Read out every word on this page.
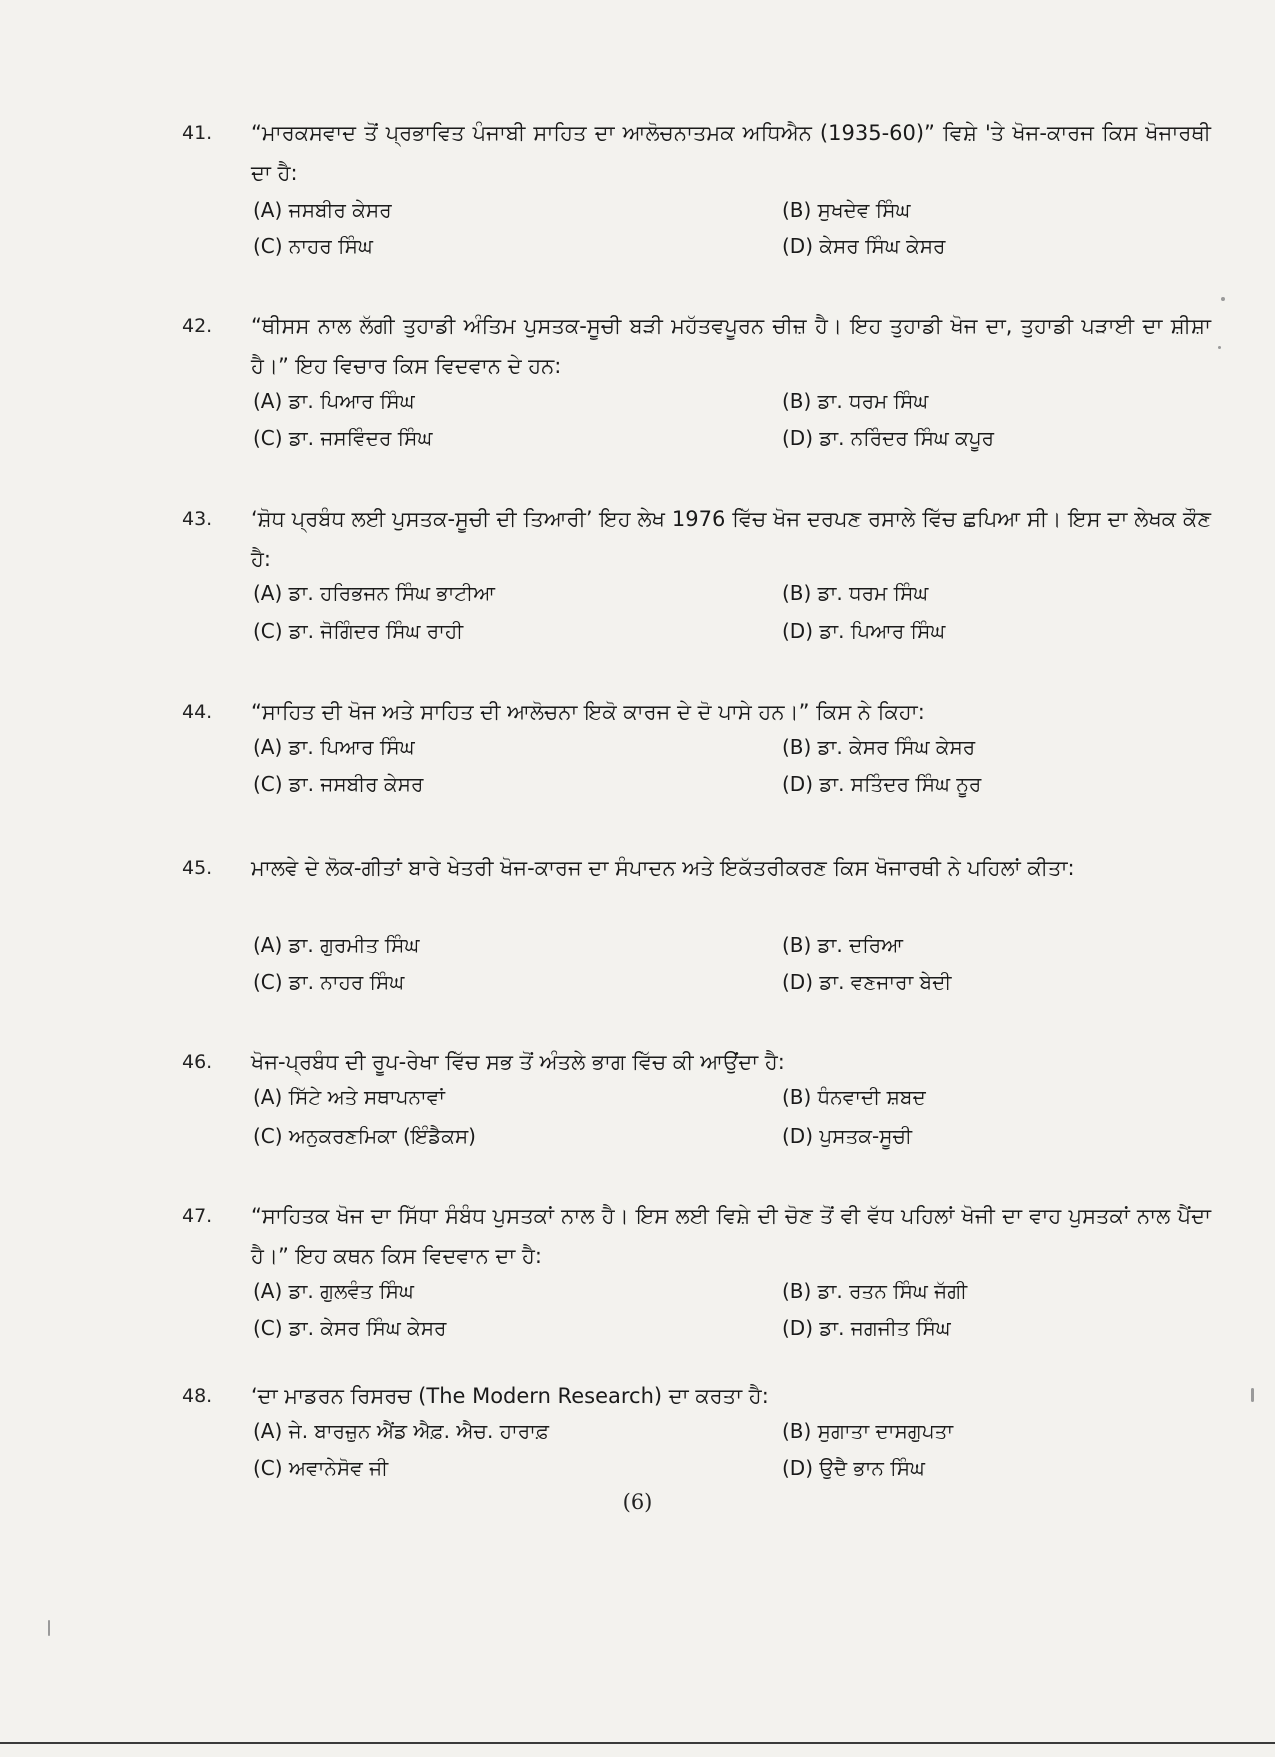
41. “ਮਾਰਕਸਵਾਦ ਤੋਂ ਪ੍ਰਭਾਵਿਤ ਪੰਜਾਬੀ ਸਾਹਿਤ ਦਾ ਆਲੋਚਨਾਤਮਕ ਅਧਿਐਨ (1935-60)” ਵਿਸ਼ੇ 'ਤੇ ਖੋਜ-ਕਾਰਜ ਕਿਸ ਖੋਜਾਰਥੀ ਦਾ ਹੈ:
(A) ਜਸਬੀਰ ਕੇਸਰ	(B) ਸੁਖਦੇਵ ਸਿੰਘ
(C) ਨਾਹਰ ਸਿੰਘ	(D) ਕੇਸਰ ਸਿੰਘ ਕੇਸਰ
42. “ਥੀਸਸ ਨਾਲ ਲੱਗੀ ਤੁਹਾਡੀ ਅੰਤਿਮ ਪੁਸਤਕ-ਸੂਚੀ ਬੜੀ ਮਹੱਤਵਪੂਰਨ ਚੀਜ਼ ਹੈ। ਇਹ ਤੁਹਾਡੀ ਖੋਜ ਦਾ, ਤੁਹਾਡੀ ਪੜਾਈ ਦਾ ਸ਼ੀਸ਼ਾ ਹੈ।” ਇਹ ਵਿਚਾਰ ਕਿਸ ਵਿਦਵਾਨ ਦੇ ਹਨ:
(A) ਡਾ. ਪਿਆਰ ਸਿੰਘ	(B) ਡਾ. ਧਰਮ ਸਿੰਘ
(C) ਡਾ. ਜਸਵਿੰਦਰ ਸਿੰਘ	(D) ਡਾ. ਨਰਿੰਦਰ ਸਿੰਘ ਕਪੂਰ
43. ‘ਸ਼ੋਧ ਪ੍ਰਬੰਧ ਲਈ ਪੁਸਤਕ-ਸੂਚੀ ਦੀ ਤਿਆਰੀ’ ਇਹ ਲੇਖ 1976 ਵਿੱਚ ਖੋਜ ਦਰਪਣ ਰਸਾਲੇ ਵਿੱਚ ਛਪਿਆ ਸੀ। ਇਸ ਦਾ ਲੇਖਕ ਕੌਣ ਹੈ:
(A) ਡਾ. ਹਰਿਭਜਨ ਸਿੰਘ ਭਾਟੀਆ	(B) ਡਾ. ਧਰਮ ਸਿੰਘ
(C) ਡਾ. ਜੋਗਿੰਦਰ ਸਿੰਘ ਰਾਹੀ	(D) ਡਾ. ਪਿਆਰ ਸਿੰਘ
44. “ਸਾਹਿਤ ਦੀ ਖੋਜ ਅਤੇ ਸਾਹਿਤ ਦੀ ਆਲੋਚਨਾ ਇਕੋ ਕਾਰਜ ਦੇ ਦੋ ਪਾਸੇ ਹਨ।” ਕਿਸ ਨੇ ਕਿਹਾ:
(A) ਡਾ. ਪਿਆਰ ਸਿੰਘ	(B) ਡਾ. ਕੇਸਰ ਸਿੰਘ ਕੇਸਰ
(C) ਡਾ. ਜਸਬੀਰ ਕੇਸਰ	(D) ਡਾ. ਸਤਿੰਦਰ ਸਿੰਘ ਨੂਰ
45. ਮਾਲਵੇ ਦੇ ਲੋਕ-ਗੀਤਾਂ ਬਾਰੇ ਖੇਤਰੀ ਖੋਜ-ਕਾਰਜ ਦਾ ਸੰਪਾਦਨ ਅਤੇ ਇਕੱਤਰੀਕਰਣ ਕਿਸ ਖੋਜਾਰਥੀ ਨੇ ਪਹਿਲਾਂ ਕੀਤਾ:
(A) ਡਾ. ਗੁਰਮੀਤ ਸਿੰਘ	(B) ਡਾ. ਦਰਿਆ
(C) ਡਾ. ਨਾਹਰ ਸਿੰਘ	(D) ਡਾ. ਵਣਜਾਰਾ ਬੇਦੀ
46. ਖੋਜ-ਪ੍ਰਬੰਧ ਦੀ ਰੂਪ-ਰੇਖਾ ਵਿੱਚ ਸਭ ਤੋਂ ਅੰਤਲੇ ਭਾਗ ਵਿੱਚ ਕੀ ਆਉਂਦਾ ਹੈ:
(A) ਸਿੱਟੇ ਅਤੇ ਸਥਾਪਨਾਵਾਂ	(B) ਧੰਨਵਾਦੀ ਸ਼ਬਦ
(C) ਅਨੁਕਰਣਮਿਕਾ (ਇੰਡੈਕਸ)	(D) ਪੁਸਤਕ-ਸੂਚੀ
47. “ਸਾਹਿਤਕ ਖੋਜ ਦਾ ਸਿੱਧਾ ਸੰਬੰਧ ਪੁਸਤਕਾਂ ਨਾਲ ਹੈ। ਇਸ ਲਈ ਵਿਸ਼ੇ ਦੀ ਚੋਣ ਤੋਂ ਵੀ ਵੱਧ ਪਹਿਲਾਂ ਖੋਜੀ ਦਾ ਵਾਹ ਪੁਸਤਕਾਂ ਨਾਲ ਪੈਂਦਾ ਹੈ।” ਇਹ ਕਥਨ ਕਿਸ ਵਿਦਵਾਨ ਦਾ ਹੈ:
(A) ਡਾ. ਗੁਲਵੰਤ ਸਿੰਘ	(B) ਡਾ. ਰਤਨ ਸਿੰਘ ਜੱਗੀ
(C) ਡਾ. ਕੇਸਰ ਸਿੰਘ ਕੇਸਰ	(D) ਡਾ. ਜਗਜੀਤ ਸਿੰਘ
48. ‘ਦਾ ਮਾਡਰਨ ਰਿਸਰਚ (The Modern Research) ਦਾ ਕਰਤਾ ਹੈ:
(A) ਜੇ. ਬਾਰਜ਼ੁਨ ਐਂਡ ਐਫ਼. ਐਚ. ਹਾਰਾਫ਼	(B) ਸੁਗਾਤਾ ਦਾਸਗੁਪਤਾ
(C) ਅਵਾਨੇਸੋਵ ਜੀ	(D) ਉਦੈ ਭਾਨ ਸਿੰਘ
(6)
